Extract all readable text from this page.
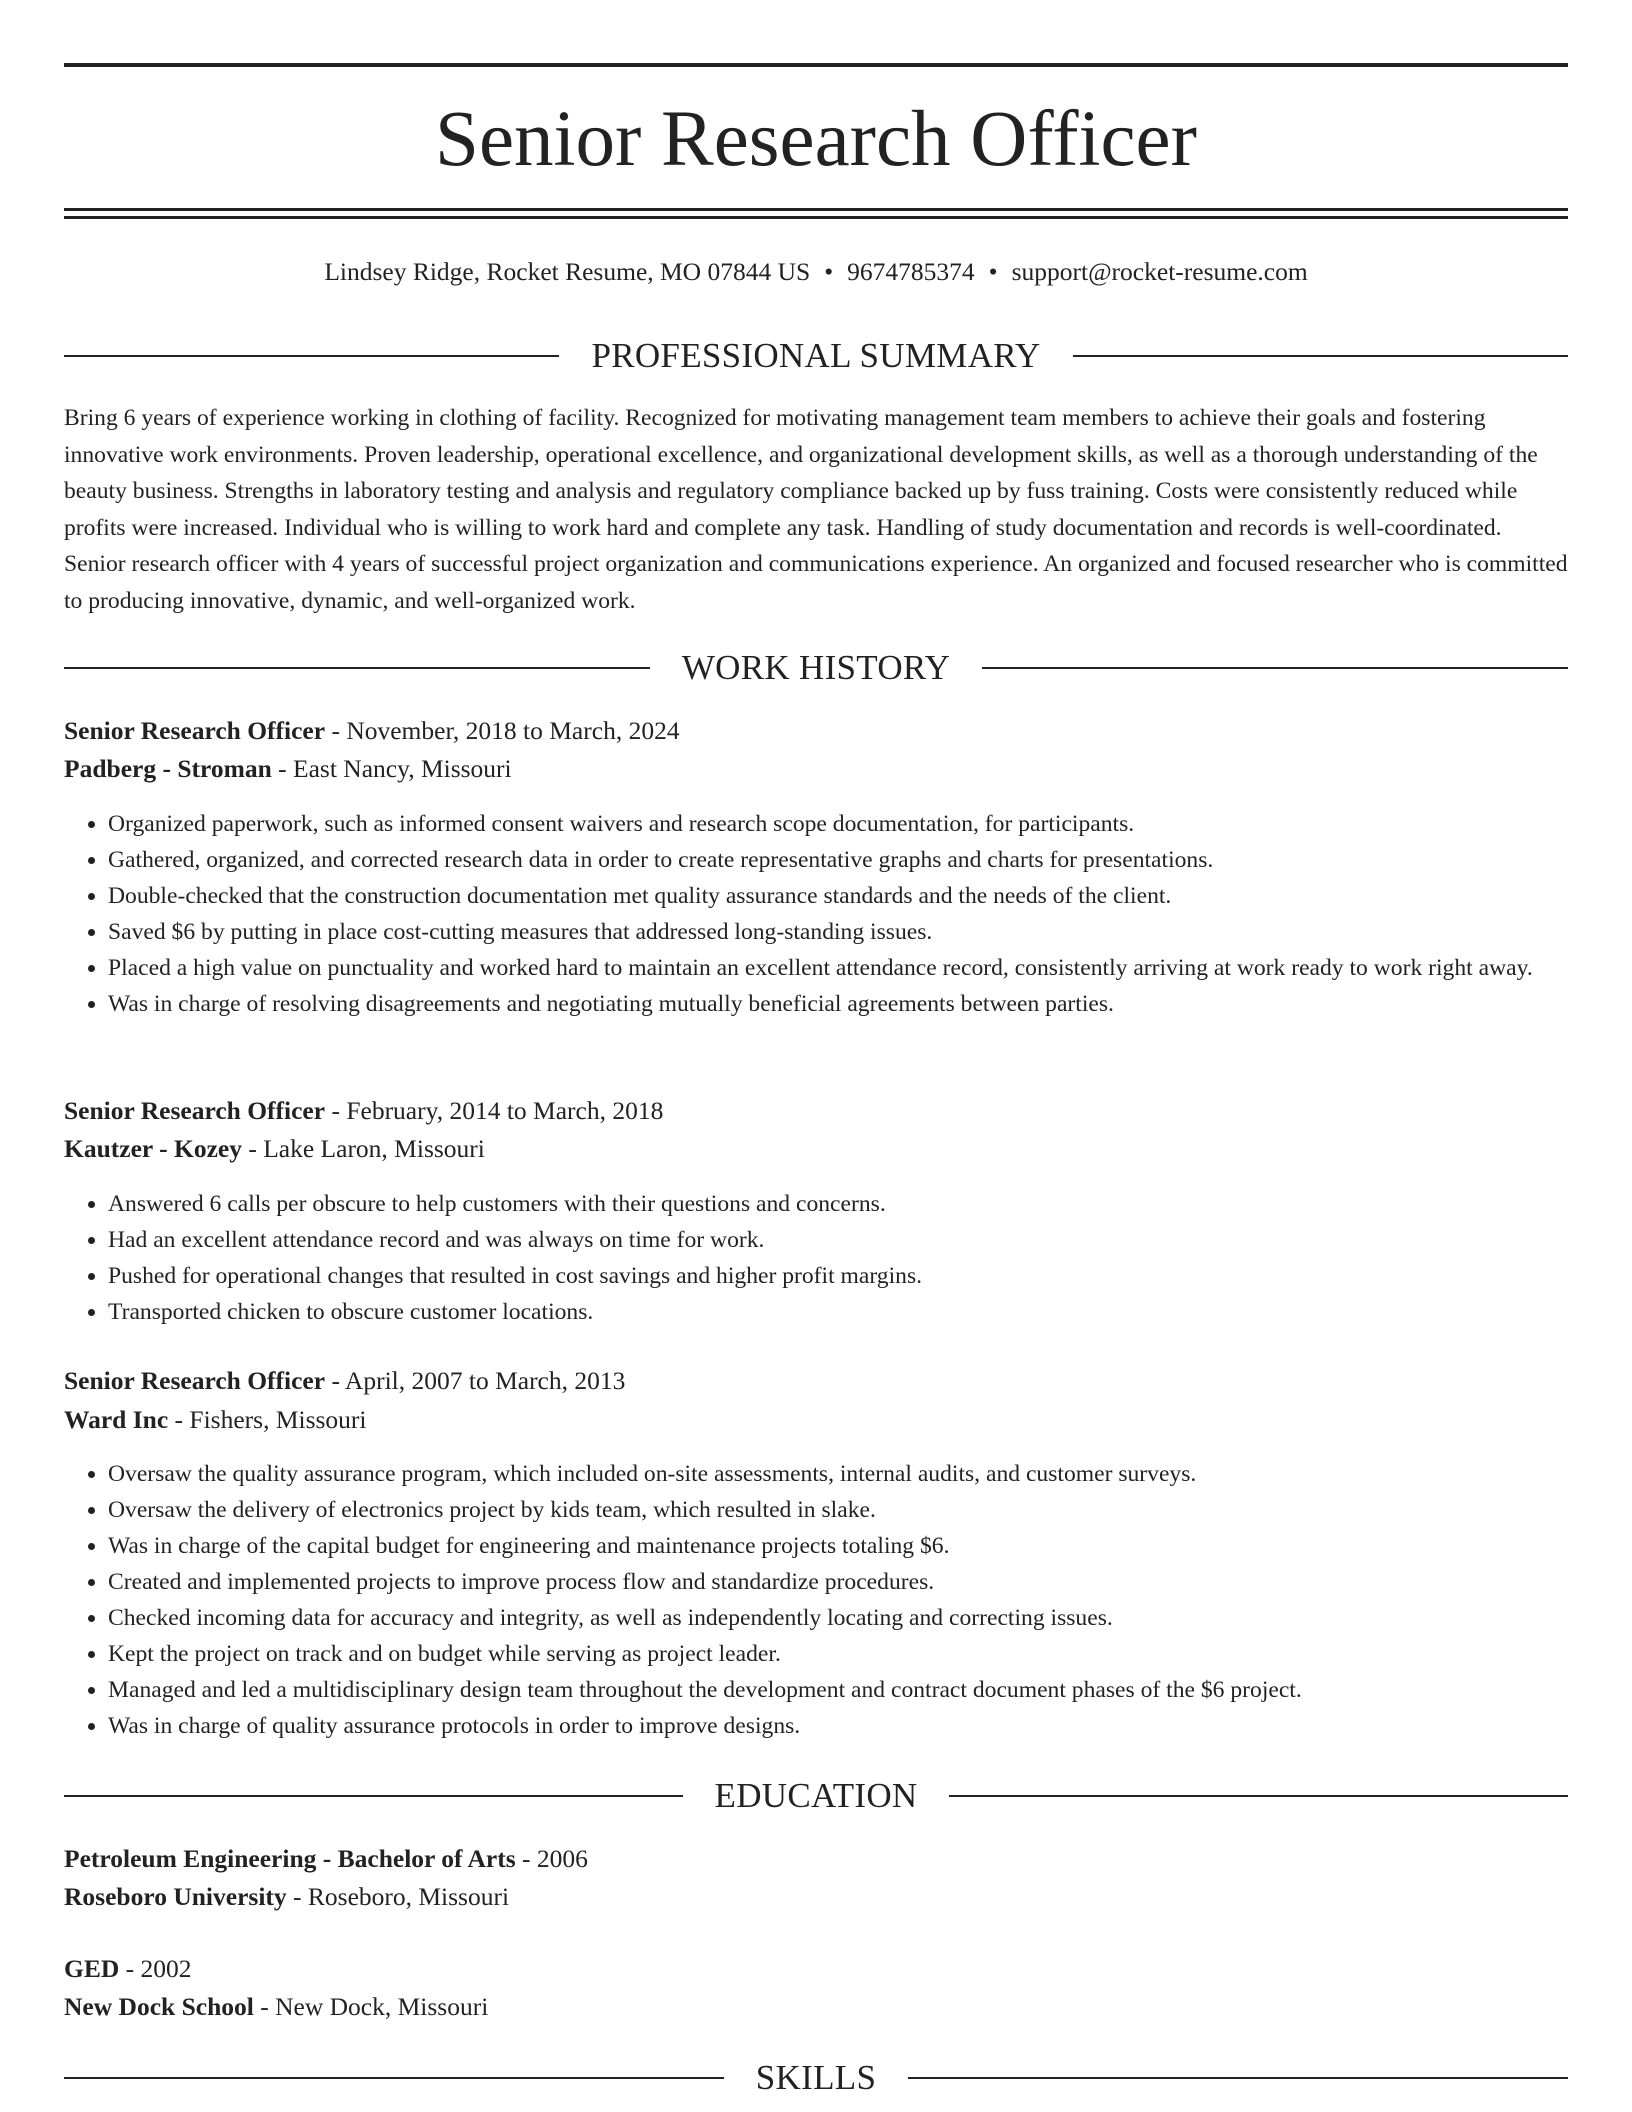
Senior Research Officer
Lindsey Ridge, Rocket Resume, MO 07844 US • 9674785374 • support@rocket-resume.com
PROFESSIONAL SUMMARY

Bring 6 years of experience working in clothing of facility. Recognized for motivating management team members to achieve their goals and fostering innovative work environments. Proven leadership, operational excellence, and organizational development skills, as well as a thorough understanding of the beauty business. Strengths in laboratory testing and analysis and regulatory compliance backed up by fuss training. Costs were consistently reduced while profits were increased. Individual who is willing to work hard and complete any task. Handling of study documentation and records is well-coordinated. Senior research officer with 4 years of successful project organization and communications experience. An organized and focused researcher who is committed to producing innovative, dynamic, and well-organized work.

WORK HISTORY
Senior Research Officer - November, 2018 to March, 2024
Padberg - Stroman - East Nancy, Missouri
• Organized paperwork, such as informed consent waivers and research scope documentation, for participants.
• Gathered, organized, and corrected research data in order to create representative graphs and charts for presentations.
• Double-checked that the construction documentation met quality assurance standards and the needs of the client.
• Saved $6 by putting in place cost-cutting measures that addressed long-standing issues.
• Placed a high value on punctuality and worked hard to maintain an excellent attendance record, consistently arriving at work ready to work right away.
• Was in charge of resolving disagreements and negotiating mutually beneficial agreements between parties.
Senior Research Officer - February, 2014 to March, 2018
Kautzer - Kozey - Lake Laron, Missouri
• Answered 6 calls per obscure to help customers with their questions and concerns.
• Had an excellent attendance record and was always on time for work.
• Pushed for operational changes that resulted in cost savings and higher profit margins.
• Transported chicken to obscure customer locations.
Senior Research Officer - April, 2007 to March, 2013
Ward Inc - Fishers, Missouri
• Oversaw the quality assurance program, which included on-site assessments, internal audits, and customer surveys.
• Oversaw the delivery of electronics project by kids team, which resulted in slake.
• Was in charge of the capital budget for engineering and maintenance projects totaling $6.
• Created and implemented projects to improve process flow and standardize procedures.
• Checked incoming data for accuracy and integrity, as well as independently locating and correcting issues.
• Kept the project on track and on budget while serving as project leader.
• Managed and led a multidisciplinary design team throughout the development and contract document phases of the $6 project.
• Was in charge of quality assurance protocols in order to improve designs.
EDUCATION
Petroleum Engineering - Bachelor of Arts - 2006
Roseboro University - Roseboro, Missouri
GED - 2002
New Dock School - New Dock, Missouri
SKILLS
